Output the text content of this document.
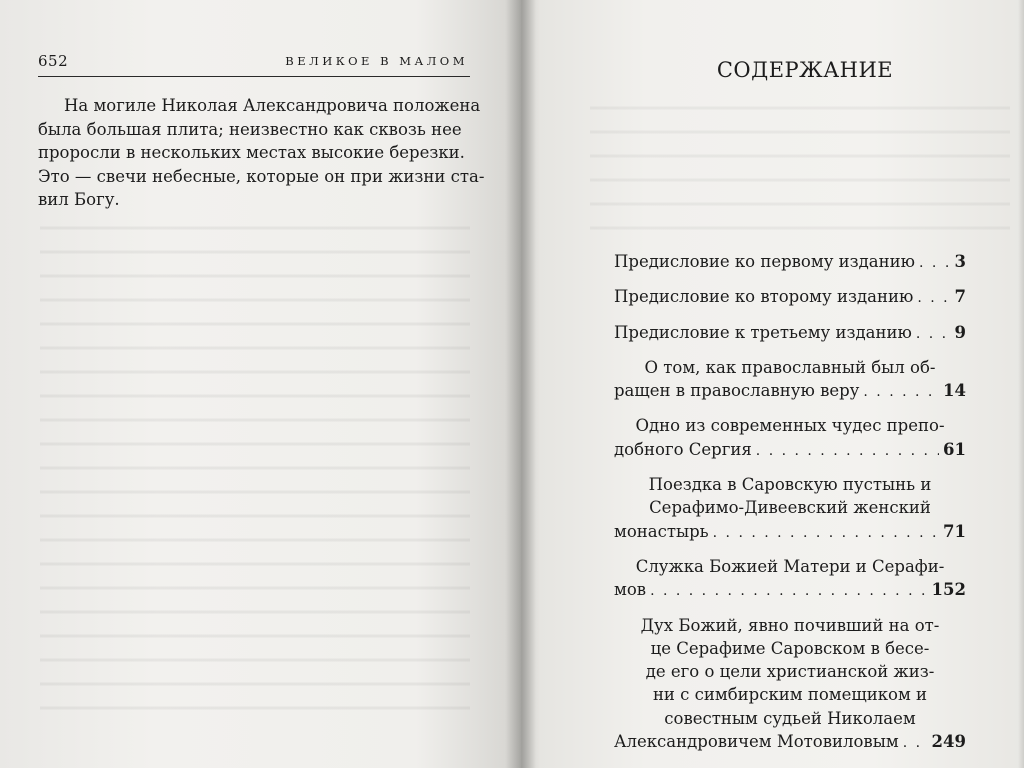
652	ВЕЛИКОЕ В МАЛОМ
На могиле Николая Александровича положена
была большая плита; неизвестно как сквозь нее
проросли в нескольких местах высокие березки.
Это — свечи небесные, которые он при жизни ста-
вил Богу.
СОДЕРЖАНИЕ
Предисловие ко первому изданию . . . 3
Предисловие ко второму изданию . . . 7
Предисловие к третьему изданию . . .	9
О том, как православный был об-
ращен в православную веру . . .	14
Одно из современных чудес препо-
добного Сергия . . .	61
Поездка в Саровскую пустынь и
Серафимо-Дивеевский женский
монастырь . . .	71
Служка Божией Матери и Серафи-
мов . . .	152
Дух Божий, явно почивший на от-
це Серафиме Саровском в бесе-
де его о цели христианской жиз-
ни с симбирским помещиком и
совестным судьей Николаем
Александровичем Мотовиловым . . . 249
